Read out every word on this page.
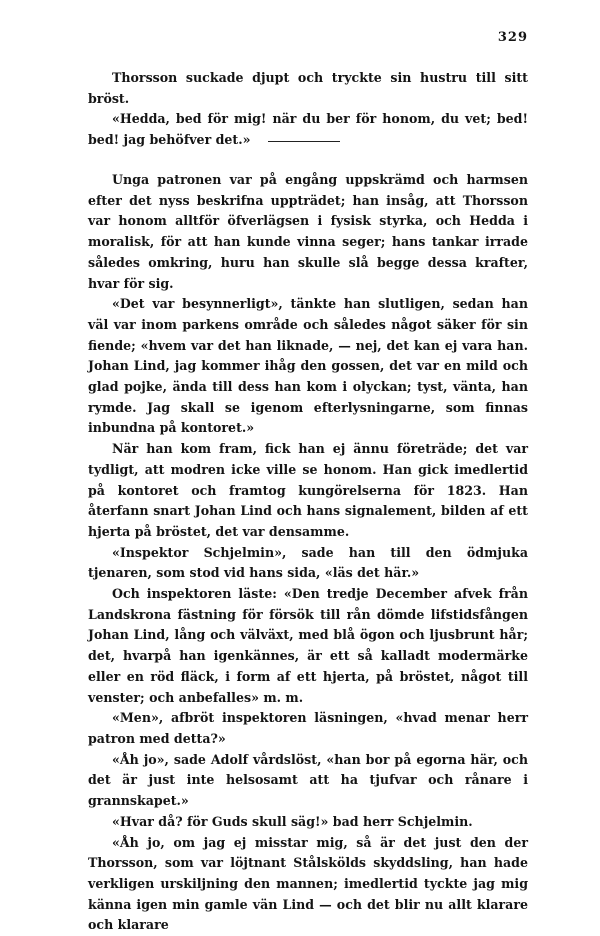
329

Thorsson suckade djupt och tryckte sin hustru till sitt bröst.

«Hedda, bed för mig! när du ber för honom, du vet; bed! bed! jag behöfver det.»

Unga patronen var på engång uppskrämd och harmsen efter det nyss beskrifna uppträdet; han insåg, att Thorsson var honom alltför öfverlägsen i fysisk styrka, och Hedda i moralisk, för att han kunde vinna seger; hans tankar irrade således omkring, huru han skulle slå begge dessa krafter, hvar för sig.

«Det var besynnerligt», tänkte han slutligen, sedan han väl var inom parkens område och således något säker för sin fiende; «hvem var det han liknade, — nej, det kan ej vara han. Johan Lind, jag kommer ihåg den gossen, det var en mild och glad pojke, ända till dess han kom i olyckan; tyst, vänta, han rymde. Jag skall se igenom efterlysningarne, som finnas inbundna på kontoret.»

När han kom fram, fick han ej ännu företräde; det var tydligt, att modren icke ville se honom. Han gick imedlertid på kontoret och framtog kungörelserna för 1823. Han återfann snart Johan Lind och hans signalement, bilden af ett hjerta på bröstet, det var densamme.

«Inspektor Schjelmin», sade han till den ödmjuka tjenaren, som stod vid hans sida, «läs det här.»

Och inspektoren läste: «Den tredje December afvek från Landskrona fästning för försök till rån dömde lifstidsfången Johan Lind, lång och välväxt, med blå ögon och ljusbrunt hår; det, hvarpå han igenkännes, är ett så kalladt modermärke eller en röd fläck, i form af ett hjerta, på bröstet, något till venster; och anbefalles» m. m.

«Men», afbröt inspektoren läsningen, «hvad menar herr patron med detta?»

«Åh jo», sade Adolf vårdslöst, «han bor på egorna här, och det är just inte helsosamt att ha tjufvar och rånare i grannskapet.»

«Hvar då? för Guds skull säg!» bad herr Schjelmin.

«Åh jo, om jag ej misstar mig, så är det just den der Thorsson, som var löjtnant Stålskölds skyddsling, han hade verkligen urskiljning den mannen; imedlertid tyckte jag mig känna igen min gamle vän Lind — och det blir nu allt klarare och klarare
